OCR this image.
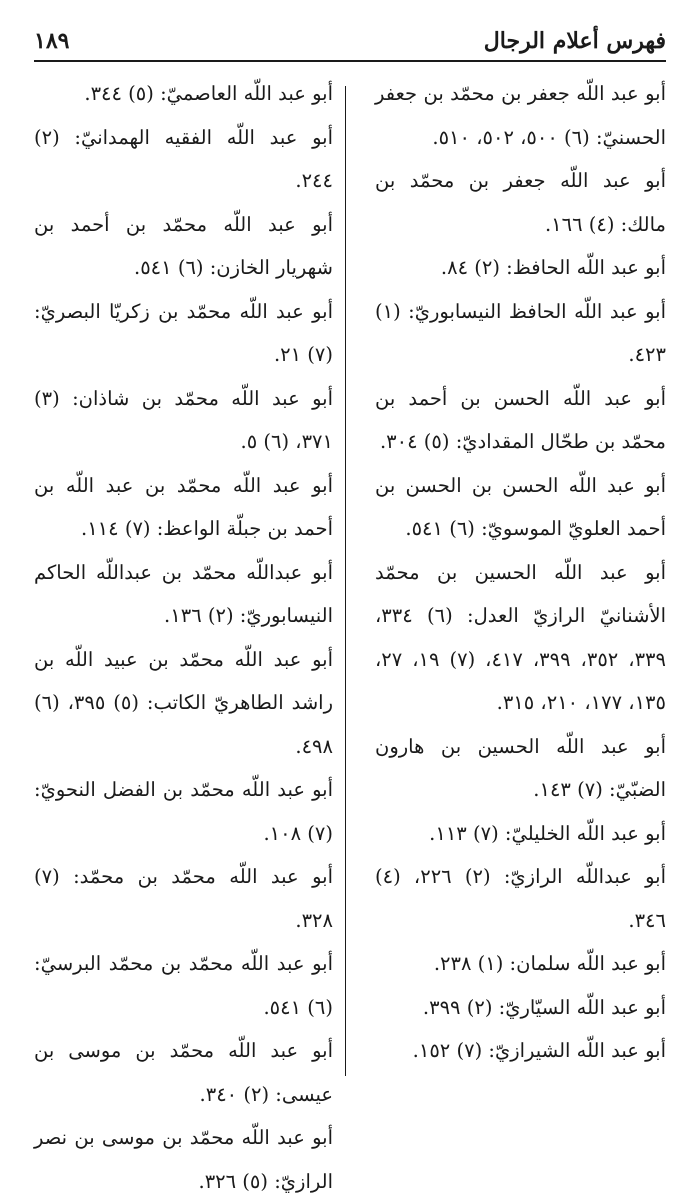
فهرس أعلام الرجال
١٨٩

أبو عبد اللّه جعفر بن محمّد بن جعفر الحسنيّ: (٦) ٥٠٠، ٥٠٢، ٥١٠.

أبو عبد اللّه جعفر بن محمّد بن مالك: (٤) ١٦٦.

أبو عبد اللّه الحافظ: (٢) ٨٤.

أبو عبد اللّه الحافظ النيسابوريّ: (١) ٤٢٣.

أبو عبد اللّه الحسن بن أحمد بن محمّد بن طحّال المقداديّ: (٥) ٣٠٤.

أبو عبد اللّه الحسن بن الحسن بن أحمد العلويّ الموسويّ: (٦) ٥٤١.

أبو عبد اللّه الحسين بن محمّد الأشنانيّ الرازيّ العدل: (٦) ٣٣٤، ٣٣٩، ٣٥٢، ٣٩٩، ٤١٧، (٧) ١٩، ٢٧، ١٣٥، ١٧٧، ٢١٠، ٣١٥.

أبو عبد اللّه الحسين بن هارون الضبّيّ: (٧) ١٤٣.

أبو عبد اللّه الخليليّ: (٧) ١١٣.

أبو عبداللّه الرازيّ: (٢) ٢٢٦، (٤) ٣٤٦.

أبو عبد اللّه سلمان: (١) ٢٣٨.

أبو عبد اللّه السيّاريّ: (٢) ٣٩٩.

أبو عبد اللّه الشيرازيّ: (٧) ١٥٢.

أبو عبد اللّه العاصميّ: (٥) ٣٤٤.

أبو عبد اللّه الفقيه الهمدانيّ: (٢) ٢٤٤.

أبو عبد اللّه محمّد بن أحمد بن شهريار الخازن: (٦) ٥٤١.

أبو عبد اللّه محمّد بن زكريّا البصريّ: (٧) ٢١.

أبو عبد اللّه محمّد بن شاذان: (٣) ٣٧١، (٦) ٥.

أبو عبد اللّه محمّد بن عبد اللّه بن أحمد بن جبلّة الواعظ: (٧) ١١٤.

أبو عبداللّه محمّد بن عبداللّه الحاكم النيسابوريّ: (٢) ١٣٦.

أبو عبد اللّه محمّد بن عبيد اللّه بن راشد الطاهريّ الكاتب: (٥) ٣٩٥، (٦) ٤٩٨.

أبو عبد اللّه محمّد بن الفضل النحويّ: (٧) ١٠٨.

أبو عبد اللّه محمّد بن محمّد: (٧) ٣٢٨.

أبو عبد اللّه محمّد بن محمّد البرسيّ: (٦) ٥٤١.

أبو عبد اللّه محمّد بن موسى بن عيسى: (٢) ٣٤٠.

أبو عبد اللّه محمّد بن موسى بن نصر الرازيّ: (٥) ٣٢٦.
